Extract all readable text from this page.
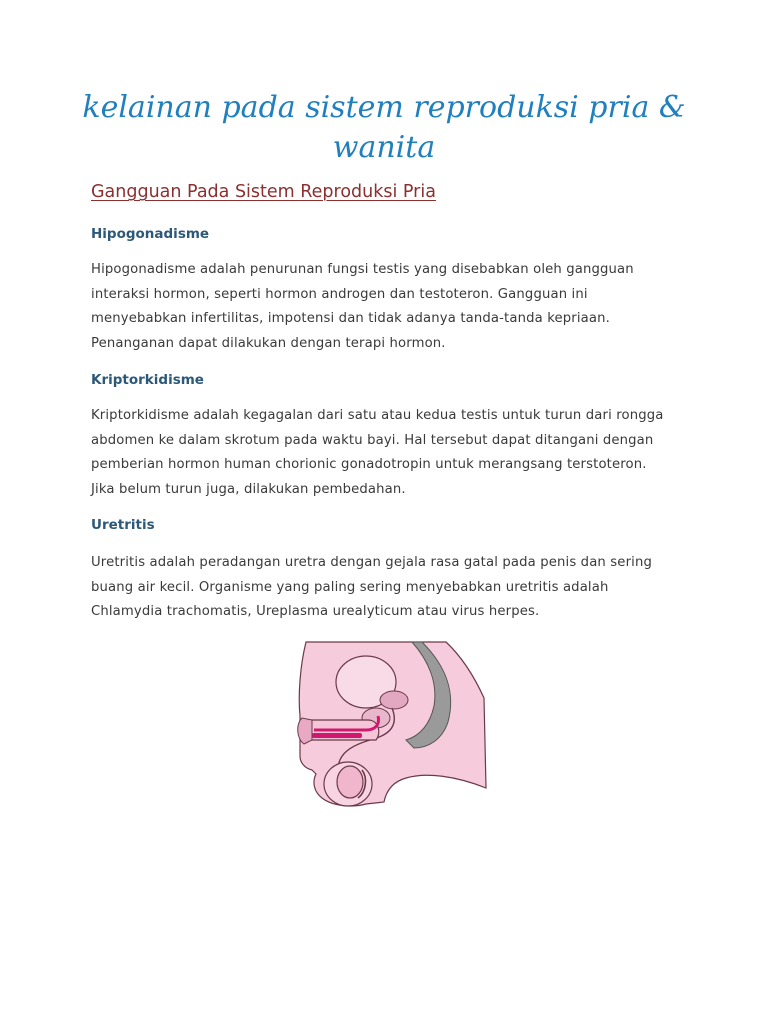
kelainan pada sistem reproduksi pria & wanita
Gangguan Pada Sistem Reproduksi Pria
Hipogonadisme
Hipogonadisme adalah penurunan fungsi testis yang disebabkan oleh gangguan
interaksi hormon, seperti hormon androgen dan testoteron. Gangguan ini
menyebabkan infertilitas, impotensi dan tidak adanya tanda-tanda kepriaan.
Penanganan dapat dilakukan dengan terapi hormon.
Kriptorkidisme
Kriptorkidisme adalah kegagalan dari satu atau kedua testis untuk turun dari rongga
abdomen ke dalam skrotum pada waktu bayi. Hal tersebut dapat ditangani dengan
pemberian hormon human chorionic gonadotropin untuk merangsang terstoteron.
Jika belum turun juga, dilakukan pembedahan.
Uretritis
Uretritis adalah peradangan uretra dengan gejala rasa gatal pada penis dan sering
buang air kecil. Organisme yang paling sering menyebabkan uretritis adalah
Chlamydia trachomatis, Ureplasma urealyticum atau virus herpes.
